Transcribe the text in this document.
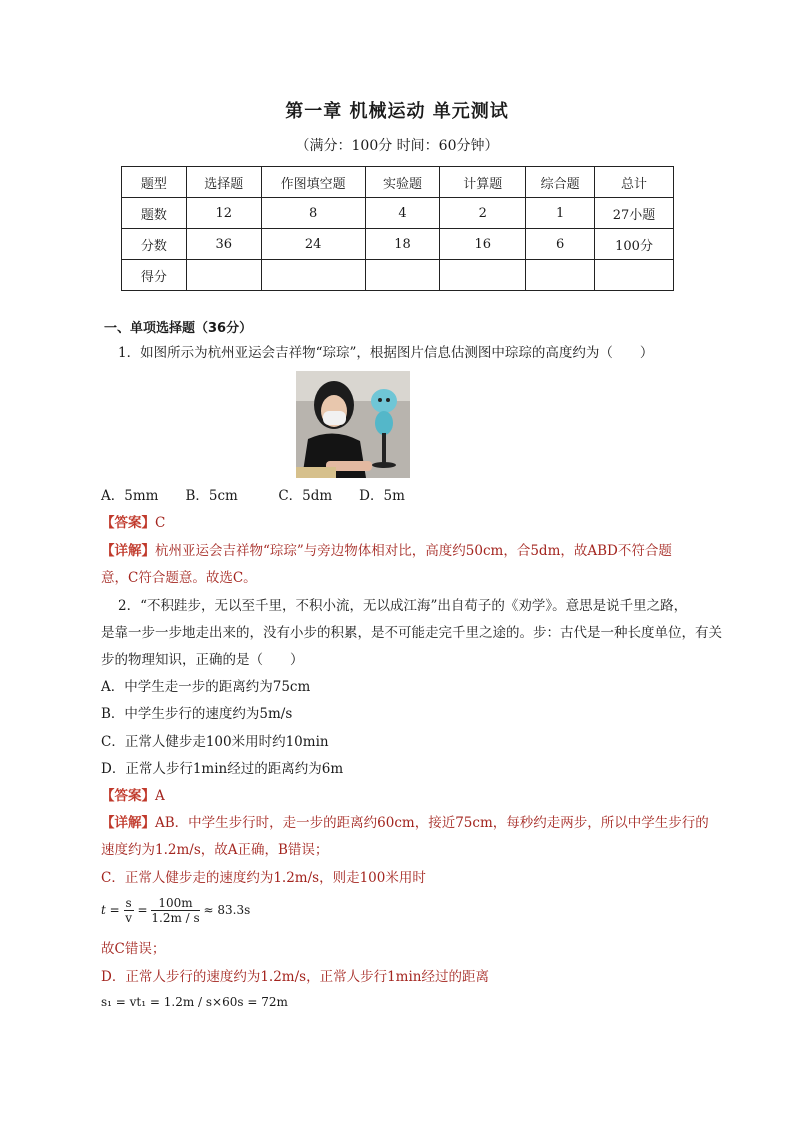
第一章 机械运动 单元测试
（满分：100分 时间：60分钟）
题型	选择题	作图填空题	实验题	计算题	综合题	总计
题数	12	8	4	2	1	27小题
分数	36	24	18	16	6	100分
得分						
一、单项选择题（36分）
1．如图所示为杭州亚运会吉祥物“琮琮”，根据图片信息估测图中琮琮的高度约为（　　）
A．5mm　　B．5cm　　　C．5dm　　D．5m
【答案】C
【详解】杭州亚运会吉祥物“琮琮”与旁边物体相对比，高度约50cm，合5dm，故ABD不符合题
意，C符合题意。故选C。
2．“不积跬步，无以至千里，不积小流，无以成江海”出自荀子的《劝学》。意思是说千里之路，
是靠一步一步地走出来的，没有小步的积累，是不可能走完千里之途的。步：古代是一种长度单位，有关
步的物理知识，正确的是（　　）
A．中学生走一步的距离约为75cm
B．中学生步行的速度约为5m/s
C．正常人健步走100米用时约10min
D．正常人步行1min经过的距离约为6m
【答案】A
【详解】AB．中学生步行时，走一步的距离约60cm，接近75cm，每秒约走两步，所以中学生步行的
速度约为1.2m/s，故A正确，B错误；
C．正常人健步走的速度约为1.2m/s，则走100米用时
$t = \frac{s}{v} = \frac{100m}{1.2m / s} \approx 83.3s$
故C错误；
D．正常人步行的速度约为1.2m/s，正常人步行1min经过的距离
s₁ = vt₁ = 1.2m / s×60s = 72m
